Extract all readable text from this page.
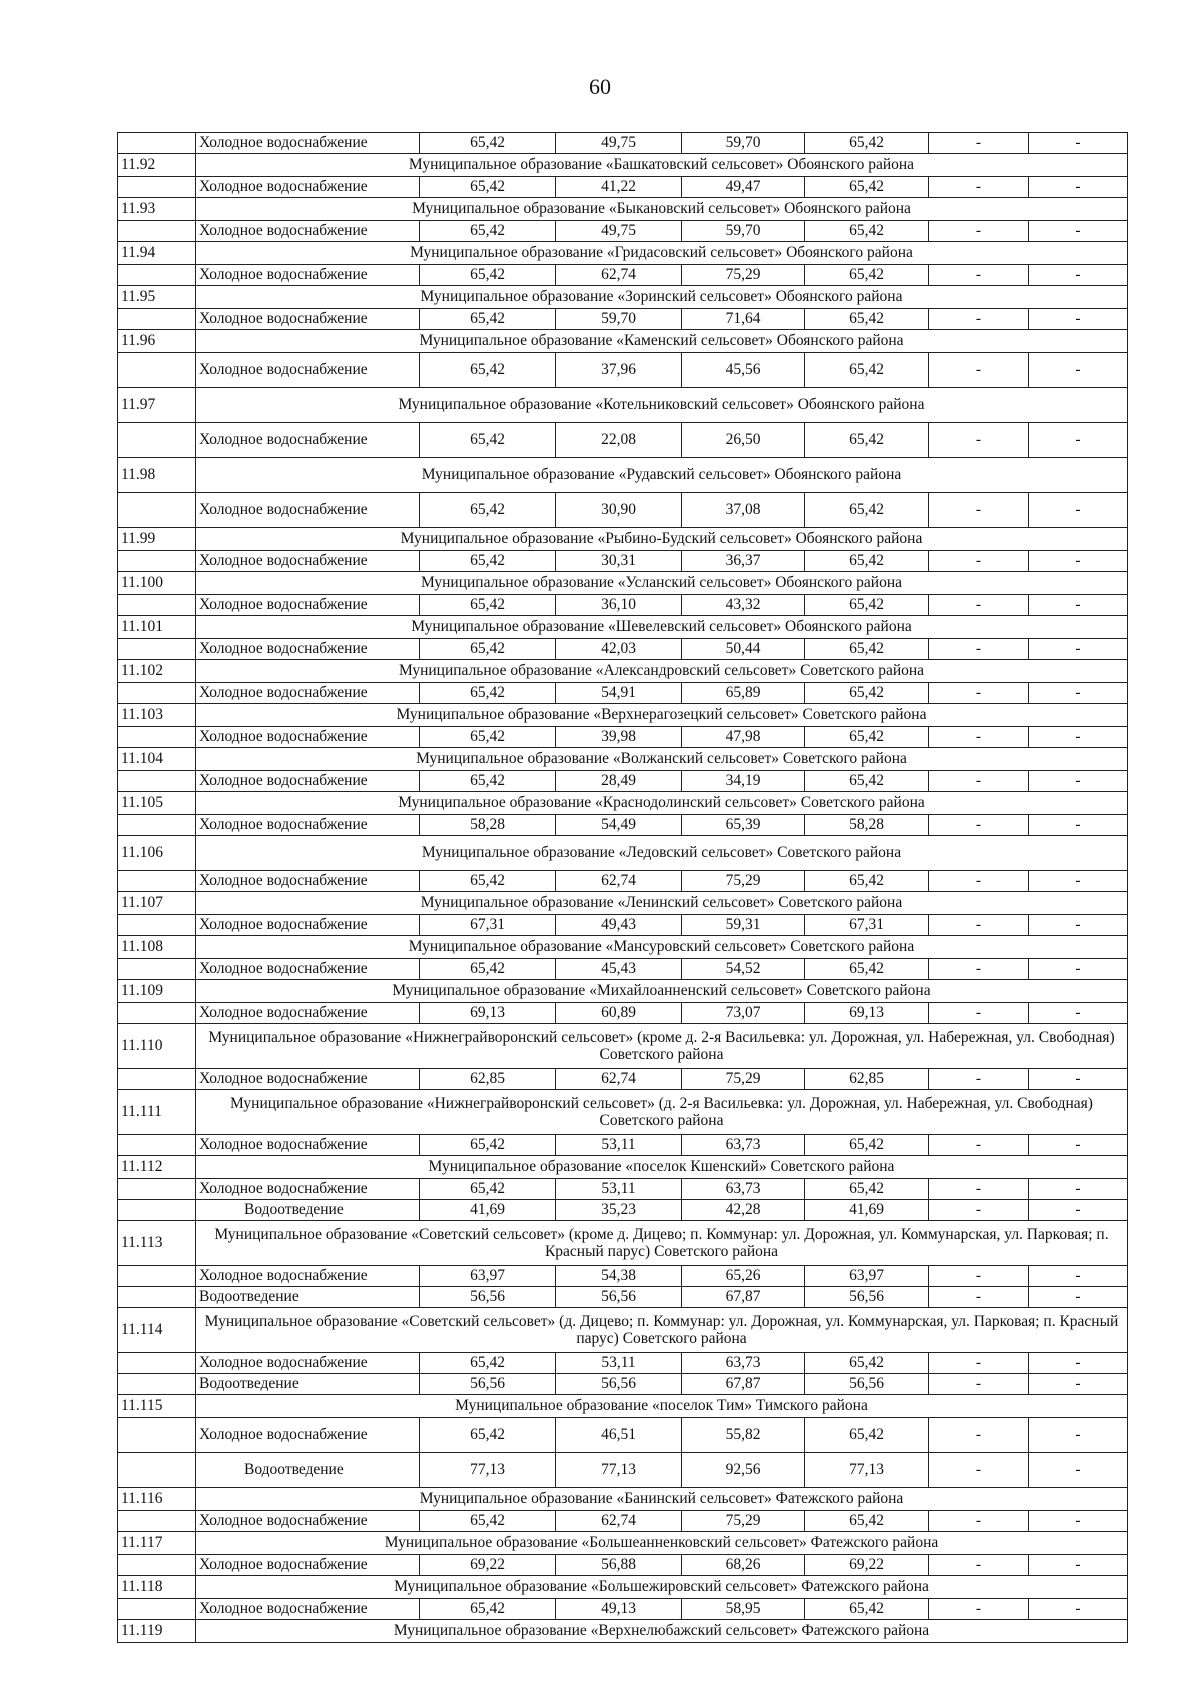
60
	Холодное водоснабжение	65,42	49,75	59,70	65,42	-	-
11.92	Муниципальное образование «Башкатовский сельсовет» Обоянского района						
	Холодное водоснабжение	65,42	41,22	49,47	65,42	-	-
11.93	Муниципальное образование «Быкановский сельсовет» Обоянского района						
	Холодное водоснабжение	65,42	49,75	59,70	65,42	-	-
11.94	Муниципальное образование «Гридасовский сельсовет» Обоянского района						
	Холодное водоснабжение	65,42	62,74	75,29	65,42	-	-
11.95	Муниципальное образование «Зоринский сельсовет» Обоянского района						
	Холодное водоснабжение	65,42	59,70	71,64	65,42	-	-
11.96	Муниципальное образование «Каменский сельсовет» Обоянского района						
	Холодное водоснабжение	65,42	37,96	45,56	65,42	-	-
11.97	Муниципальное образование «Котельниковский сельсовет» Обоянского района						
	Холодное водоснабжение	65,42	22,08	26,50	65,42	-	-
11.98	Муниципальное образование «Рудавский сельсовет» Обоянского района						
	Холодное водоснабжение	65,42	30,90	37,08	65,42	-	-
11.99	Муниципальное образование «Рыбино-Будский сельсовет» Обоянского района						
	Холодное водоснабжение	65,42	30,31	36,37	65,42	-	-
11.100	Муниципальное образование «Усланский сельсовет» Обоянского района						
	Холодное водоснабжение	65,42	36,10	43,32	65,42	-	-
11.101	Муниципальное образование «Шевелевский сельсовет» Обоянского района						
	Холодное водоснабжение	65,42	42,03	50,44	65,42	-	-
11.102	Муниципальное образование «Александровский сельсовет» Советского района						
	Холодное водоснабжение	65,42	54,91	65,89	65,42	-	-
11.103	Муниципальное образование «Верхнерагозецкий сельсовет» Советского района						
	Холодное водоснабжение	65,42	39,98	47,98	65,42	-	-
11.104	Муниципальное образование «Волжанский сельсовет» Советского района						
	Холодное водоснабжение	65,42	28,49	34,19	65,42	-	-
11.105	Муниципальное образование «Краснодолинский сельсовет» Советского района						
	Холодное водоснабжение	58,28	54,49	65,39	58,28	-	-
11.106	Муниципальное образование «Ледовский сельсовет» Советского района						
	Холодное водоснабжение	65,42	62,74	75,29	65,42	-	-
11.107	Муниципальное образование «Ленинский сельсовет» Советского района						
	Холодное водоснабжение	67,31	49,43	59,31	67,31	-	-
11.108	Муниципальное образование «Мансуровский сельсовет» Советского района						
	Холодное водоснабжение	65,42	45,43	54,52	65,42	-	-
11.109	Муниципальное образование «Михайлоанненский сельсовет» Советского района						
	Холодное водоснабжение	69,13	60,89	73,07	69,13	-	-
11.110	Муниципальное образование «Нижнеграйворонский сельсовет» (кроме д. 2-я Васильевка: ул. Дорожная, ул. Набережная, ул. Свободная) Советского района						
	Холодное водоснабжение	62,85	62,74	75,29	62,85	-	-
11.111	Муниципальное образование «Нижнеграйворонский сельсовет» (д. 2-я Васильевка: ул. Дорожная, ул. Набережная, ул. Свободная) Советского района						
	Холодное водоснабжение	65,42	53,11	63,73	65,42	-	-
11.112	Муниципальное образование «поселок Кшенский» Советского района						
	Холодное водоснабжение	65,42	53,11	63,73	65,42	-	-
	Водоотведение	41,69	35,23	42,28	41,69	-	-
11.113	Муниципальное образование «Советский сельсовет» (кроме д. Дицево; п. Коммунар: ул. Дорожная, ул. Коммунарская, ул. Парковая; п. Красный парус) Советского района						
	Холодное водоснабжение	63,97	54,38	65,26	63,97	-	-
	Водоотведение	56,56	56,56	67,87	56,56	-	-
11.114	Муниципальное образование «Советский сельсовет» (д. Дицево; п. Коммунар: ул. Дорожная, ул. Коммунарская, ул. Парковая; п. Красный парус) Советского района						
	Холодное водоснабжение	65,42	53,11	63,73	65,42	-	-
	Водоотведение	56,56	56,56	67,87	56,56	-	-
11.115	Муниципальное образование «поселок Тим» Тимского района						
	Холодное водоснабжение	65,42	46,51	55,82	65,42	-	-
	Водоотведение	77,13	77,13	92,56	77,13	-	-
11.116	Муниципальное образование «Банинский сельсовет» Фатежского района						
	Холодное водоснабжение	65,42	62,74	75,29	65,42	-	-
11.117	Муниципальное образование «Большеанненковский сельсовет» Фатежского района						
	Холодное водоснабжение	69,22	56,88	68,26	69,22	-	-
11.118	Муниципальное образование «Большежировский сельсовет» Фатежского района						
	Холодное водоснабжение	65,42	49,13	58,95	65,42	-	-
11.119	Муниципальное образование «Верхнелюбажский сельсовет» Фатежского района						
